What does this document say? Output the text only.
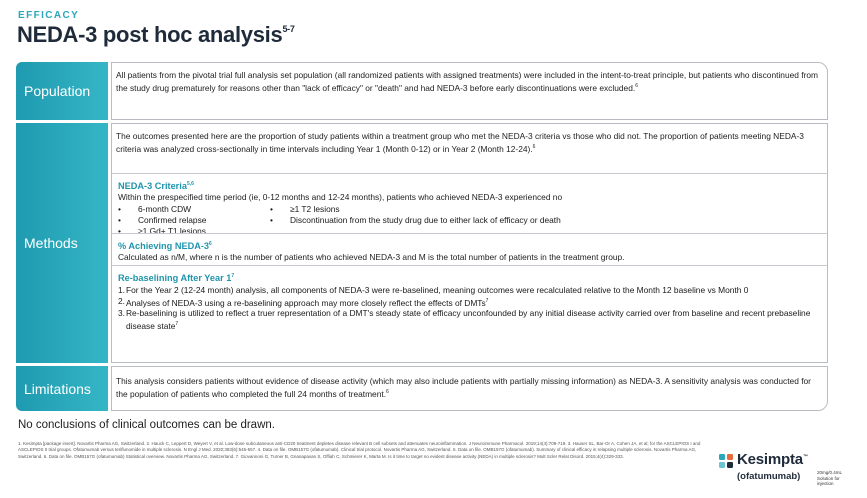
EFFICACY
NEDA-3 post hoc analysis$^{5-7}$
Population
All patients from the pivotal trial full analysis set population (all randomized patients with assigned treatments) were included in the intent-to-treat principle, but patients who discontinued from the study drug prematurely for reasons other than "lack of efficacy" or "death" and had NEDA-3 before early discontinuations were excluded.$^6$
Methods
The outcomes presented here are the proportion of study patients within a treatment group who met the NEDA-3 criteria vs those who did not. The proportion of patients meeting NEDA-3 criteria was analyzed cross-sectionally in time intervals including Year 1 (Month 0-12) or in Year 2 (Month 12-24).$^6$
NEDA-3 Criteria$^{5,6}$
Within the prespecified time period (ie, 0-12 months and 12-24 months), patients who achieved NEDA-3 experienced no
•	6-month CDW
•	Confirmed relapse
•	≥1 Gd+ T1 lesions
•	≥1 T2 lesions
•	Discontinuation from the study drug due to either lack of efficacy or death
% Achieving NEDA-$3^6$
Calculated as n/M, where n is the number of patients who achieved NEDA-3 and M is the total number of patients in the treatment group.
Re-baselining After Year $1^7$
1. For the Year 2 (12-24 month) analysis, all components of NEDA-3 were re-baselined, meaning outcomes were recalculated relative to the Month 12 baseline vs Month 0
2. Analyses of NEDA-3 using a re-baselining approach may more closely reflect the effects of DMTs$^7$
3. Re-baselining is utilized to reflect a truer representation of a DMT's steady state of efficacy unconfounded by any initial disease activity carried over from baseline and recent prebaseline disease state$^7$
Limitations	This analysis considers patients without evidence of disease activity (which may also include patients with partially missing information) as NEDA-3. A sensitivity analysis was conducted for the population of patients who completed the full 24 months of treatment.$^6$
No conclusions of clinical outcomes can be drawn.
1. Kesimpta [package insert]. Novartis Pharma AG, Switzerland. 2. Hauck C, Leppert D, Weyert V, et al. Low-dose subcutaneous anti-CD20 treatment depletes disease relevant B cell subsets and attenuates neuroinflammation. J Neuroimmune Pharmacol. 2019;14(4):709-719. 3. Hauser SL, Bar-Or A, Cohen JA, et al; for the ASCLEPIOS I and ASCLEPIOS II trial groups. Ofatumumab versus teriflunomide in multiple sclerosis. N Engl J Med. 2020;383(6):546-557. 4. Data on file. OMB157G (ofatumumab). Clinical trial protocol. Novartis Pharma AG, Switzerland. 5. Data on file. OMB157G (ofatumumab). Summary of clinical efficacy in relapsing multiple sclerosis. Novartis Pharma AG, Switzerland. 6. Data on file. OMB157G (ofatumumab) Statistical overview. Novartis Pharma AG, Switzerland. 7. Giovannoni G, Turner B, Gnanapavan S, Offiah C, Schmierer K, Marta M. Is it time to target no evident disease activity (NEDA) in multiple sclerosis? Mult Scler Relat Disord. 2015;4(4):329-333.	Kesimpta™
(ofatumumab)	20mg/0.4mL Solution for injection
